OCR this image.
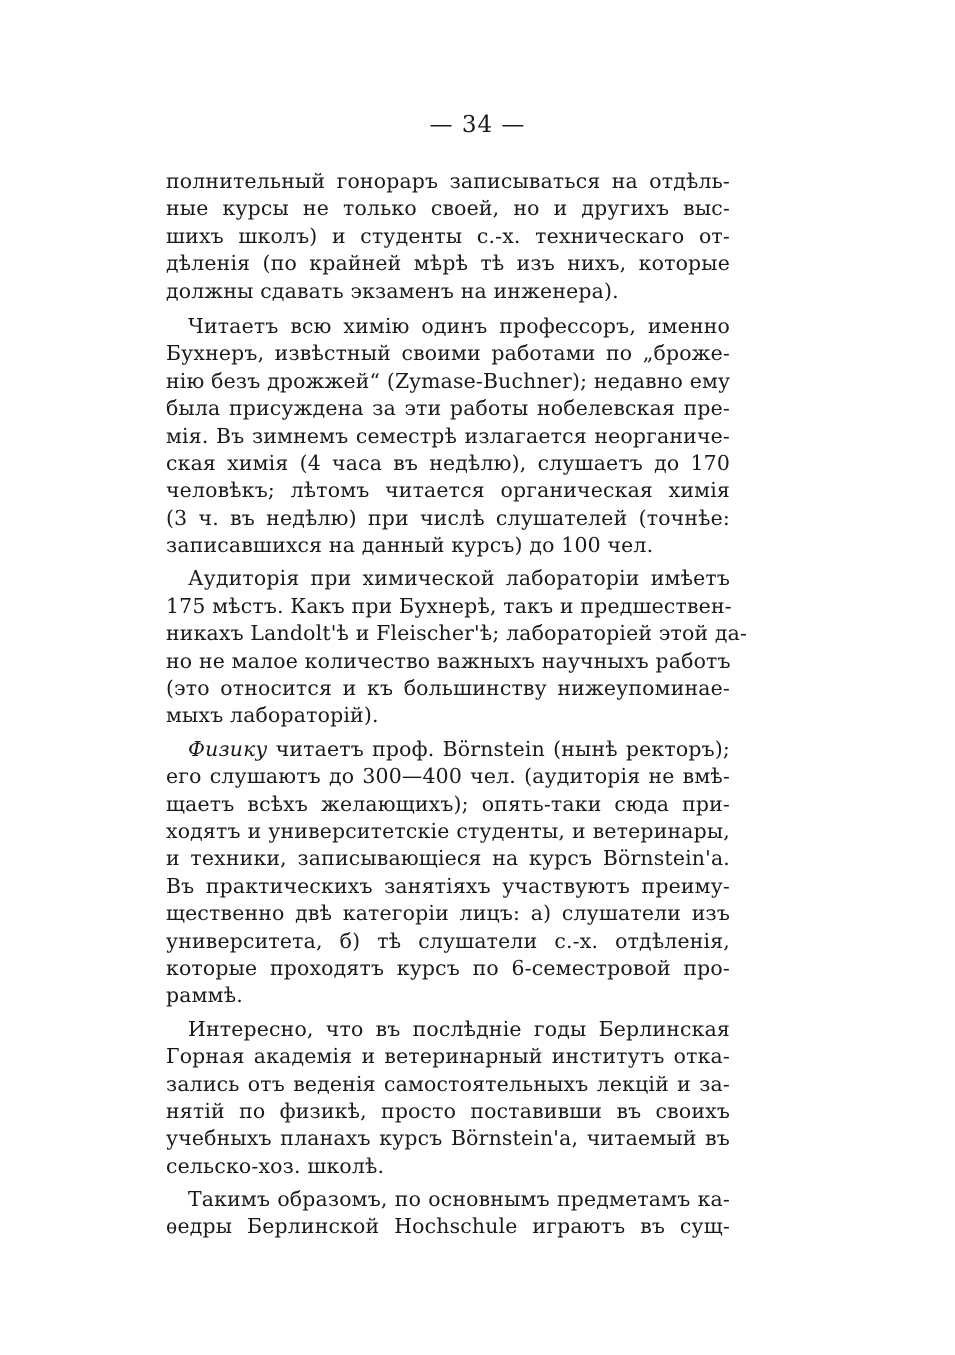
— 34 —
полнительный гонораръ записываться на отдѣль-
ные курсы не только своей, но и другихъ выс-
шихъ школъ) и студенты с.-х. техническаго от-
дѣленія (по крайней мѣрѣ тѣ изъ нихъ, которые
должны сдавать экзаменъ на инженера).
Читаетъ всю химію одинъ профессоръ, именно
Бухнеръ, извѣстный своими работами по „броже-
нію безъ дрожжей“ (Zymase-Buchner); недавно ему
была присуждена за эти работы нобелевская пре-
мія. Въ зимнемъ семестрѣ излагается неорганиче-
ская химія (4 часа въ недѣлю), слушаетъ до 170
человѣкъ; лѣтомъ читается органическая химія
(3 ч. въ недѣлю) при числѣ слушателей (точнѣе:
записавшихся на данный курсъ) до 100 чел.
Аудиторія при химической лабораторіи имѣетъ
175 мѣстъ. Какъ при Бухнерѣ, такъ и предшествен-
никахъ Landolt'ѣ и Fleischer'ѣ; лабораторіей этой да-
но не малое количество важныхъ научныхъ работъ
(это относится и къ большинству нижеупоминае-
мыхъ лабораторій).
Физику читаетъ проф. Börnstein (нынѣ ректоръ);
его слушаютъ до 300—400 чел. (аудиторія не вмѣ-
щаетъ всѣхъ желающихъ); опять-таки сюда при-
ходятъ и университетскіе студенты, и ветеринары,
и техники, записывающіеся на курсъ Börnstein'a.
Въ практическихъ занятіяхъ участвуютъ преиму-
щественно двѣ категоріи лицъ: а) слушатели изъ
университета, б) тѣ слушатели с.-х. отдѣленія,
которые проходятъ курсъ по 6-семестровой про-
раммѣ.
Интересно, что въ послѣдніе годы Берлинская
Горная академія и ветеринарный институтъ отка-
зались отъ веденія самостоятельныхъ лекцій и за-
нятій по физикѣ, просто поставивши въ своихъ
учебныхъ планахъ курсъ Börnstein'a, читаемый въ
сельско-хоз. школѣ.
Такимъ образомъ, по основнымъ предметамъ ка-
ѳедры Берлинской Hochschule играютъ въ сущ-
